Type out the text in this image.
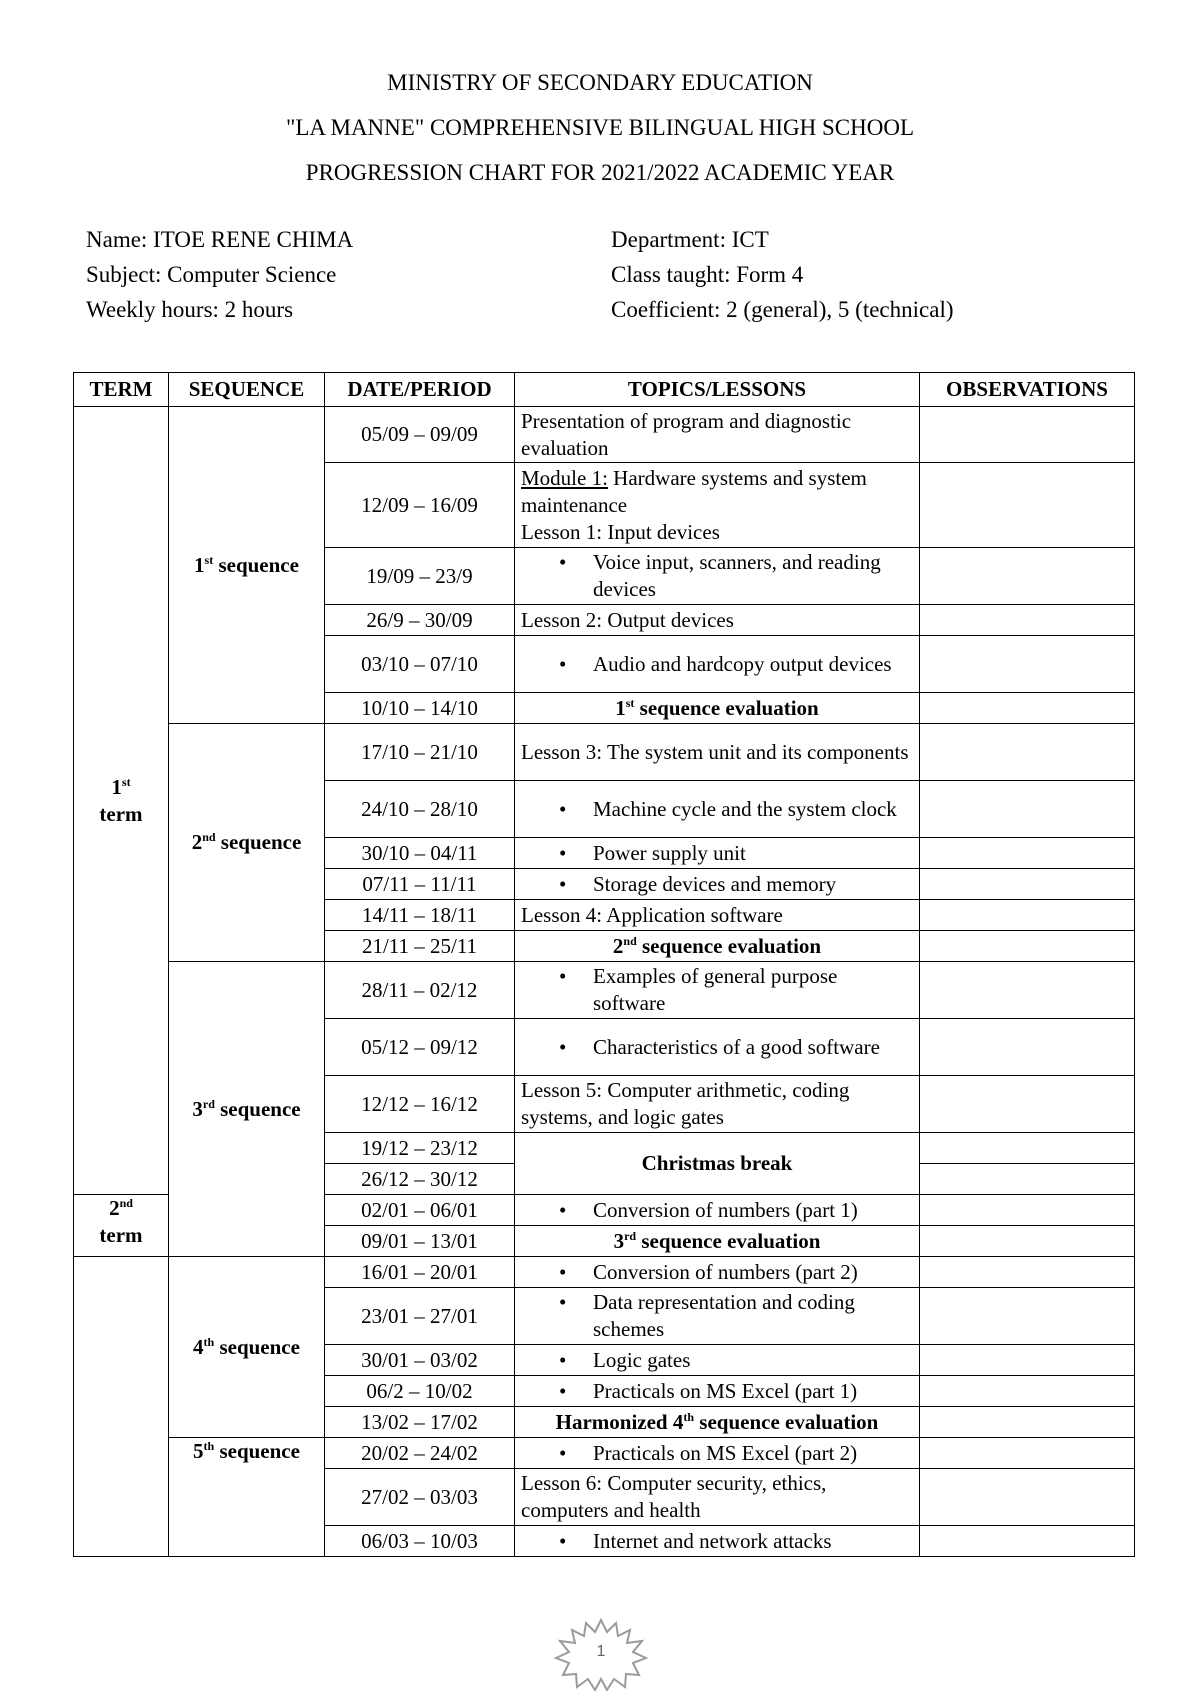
MINISTRY OF SECONDARY EDUCATION
"LA MANNE" COMPREHENSIVE BILINGUAL HIGH SCHOOL
PROGRESSION CHART FOR 2021/2022 ACADEMIC YEAR
Name: ITOE RENE CHIMA
Subject: Computer Science
Weekly hours: 2 hours
Department: ICT
Class taught: Form 4
Coefficient: 2 (general), 5 (technical)
TERM	SEQUENCE	DATE/PERIOD	TOPICS/LESSONS	OBSERVATIONS
1st
term	1st sequence	05/09 – 09/09	Presentation of program and diagnostic evaluation	
		12/09 – 16/09	Module 1: Hardware systems and system maintenance
Lesson 1: Input devices	
		19/09 – 23/9	• Voice input, scanners, and reading devices

		26/9 – 30/09	Lesson 2: Output devices	
		03/10 – 07/10	• Audio and hardcopy output devices

		10/10 – 14/10	1st sequence evaluation	
	2nd sequence	17/10 – 21/10	Lesson 3: The system unit and its components	
		24/10 – 28/10	• Machine cycle and the system clock

		30/10 – 04/11	• Power supply unit

		07/11 – 11/11	• Storage devices and memory

		14/11 – 18/11	Lesson 4: Application software	
		21/11 – 25/11	2nd sequence evaluation	
	3rd sequence	28/11 – 02/12	• Examples of general purpose software

		05/12 – 09/12	• Characteristics of a good software

		12/12 – 16/12	Lesson 5: Computer arithmetic, coding systems, and logic gates	
		19/12 – 23/12	Christmas break	
		26/12 – 30/12		
2nd
term		02/01 – 06/01	• Conversion of numbers (part 1)

		09/01 – 13/01	3rd sequence evaluation	
	4th sequence	16/01 – 20/01	• Conversion of numbers (part 2)

		23/01 – 27/01	• Data representation and coding schemes

		30/01 – 03/02	• Logic gates

		06/2 – 10/02	• Practicals on MS Excel (part 1)

		13/02 – 17/02	Harmonized 4th sequence evaluation	
	5th sequence	20/02 – 24/02	• Practicals on MS Excel (part 2)

		27/02 – 03/03	Lesson 6: Computer security, ethics, computers and health	
		06/03 – 10/03	• Internet and network attacks

1
